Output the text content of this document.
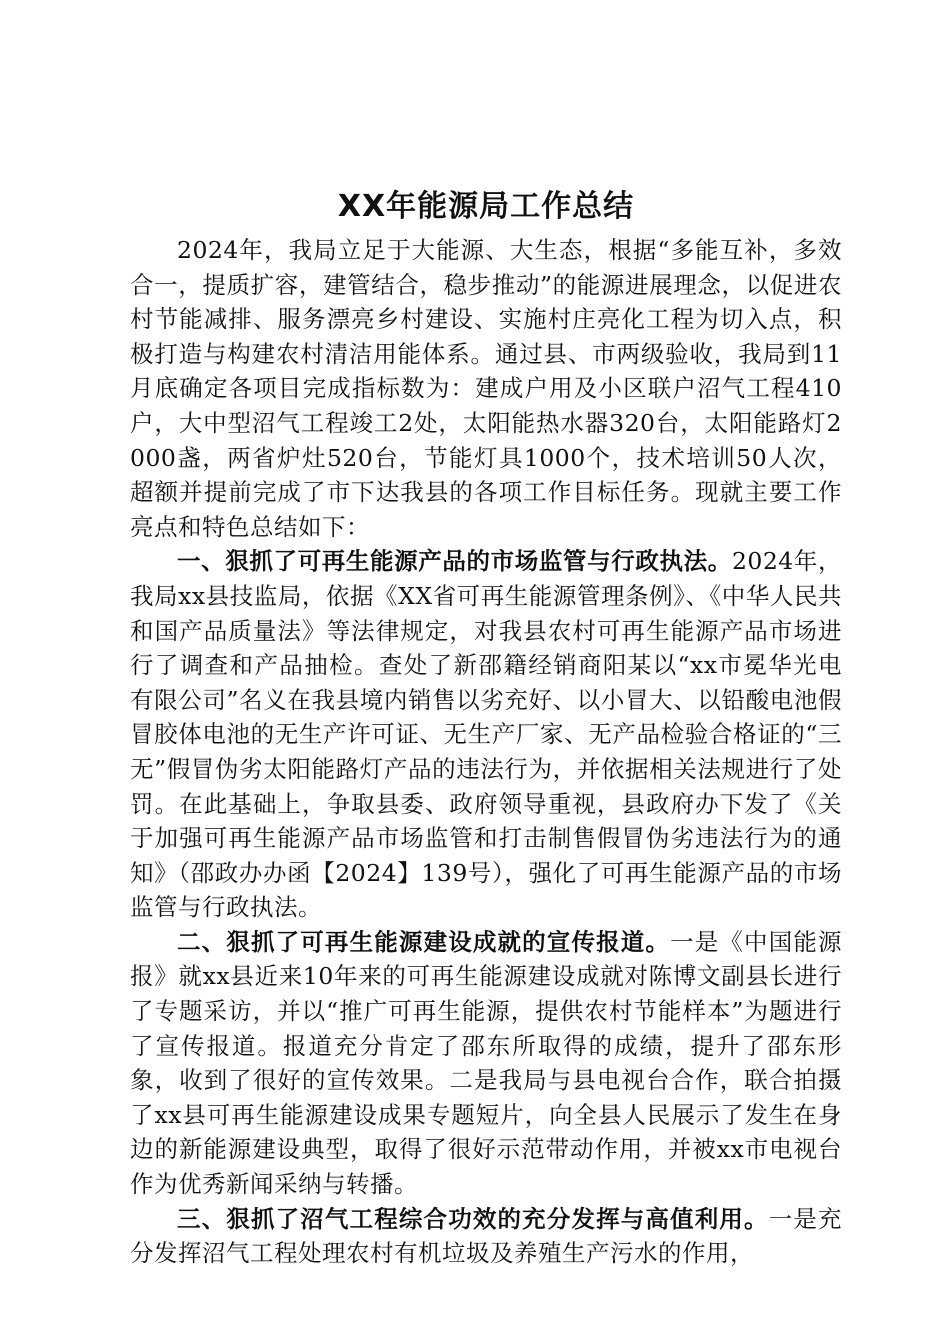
XX年能源局工作总结

2024年，我局立足于大能源、大生态，根据“多能互补，多效合一，提质扩容，建管结合，稳步推动”的能源进展理念，以促进农村节能减排、服务漂亮乡村建设、实施村庄亮化工程为切入点，积极打造与构建农村清洁用能体系。通过县、市两级验收，我局到11月底确定各项目完成指标数为：建成户用及小区联户沼气工程410户，大中型沼气工程竣工2处，太阳能热水器320台，太阳能路灯2000盏，两省炉灶520台，节能灯具1000个，技术培训50人次，超额并提前完成了市下达我县的各项工作目标任务。现就主要工作亮点和特色总结如下：

一、狠抓了可再生能源产品的市场监管与行政执法。2024年，我局xx县技监局，依据《XX省可再生能源管理条例》、《中华人民共和国产品质量法》等法律规定，对我县农村可再生能源产品市场进行了调查和产品抽检。查处了新邵籍经销商阳某以“xx市冕华光电有限公司”名义在我县境内销售以劣充好、以小冒大、以铅酸电池假冒胶体电池的无生产许可证、无生产厂家、无产品检验合格证的“三无”假冒伪劣太阳能路灯产品的违法行为，并依据相关法规进行了处罚。在此基础上，争取县委、政府领导重视，县政府办下发了《关于加强可再生能源产品市场监管和打击制售假冒伪劣违法行为的通知》（邵政办办函【2024】139号），强化了可再生能源产品的市场监管与行政执法。

二、狠抓了可再生能源建设成就的宣传报道。一是《中国能源报》就xx县近来10年来的可再生能源建设成就对陈博文副县长进行了专题采访，并以“推广可再生能源，提供农村节能样本”为题进行了宣传报道。报道充分肯定了邵东所取得的成绩，提升了邵东形象，收到了很好的宣传效果。二是我局与县电视台合作，联合拍摄了xx县可再生能源建设成果专题短片，向全县人民展示了发生在身边的新能源建设典型，取得了很好示范带动作用，并被xx市电视台作为优秀新闻采纳与转播。

三、狠抓了沼气工程综合功效的充分发挥与高值利用。一是充分发挥沼气工程处理农村有机垃圾及养殖生产污水的作用，
